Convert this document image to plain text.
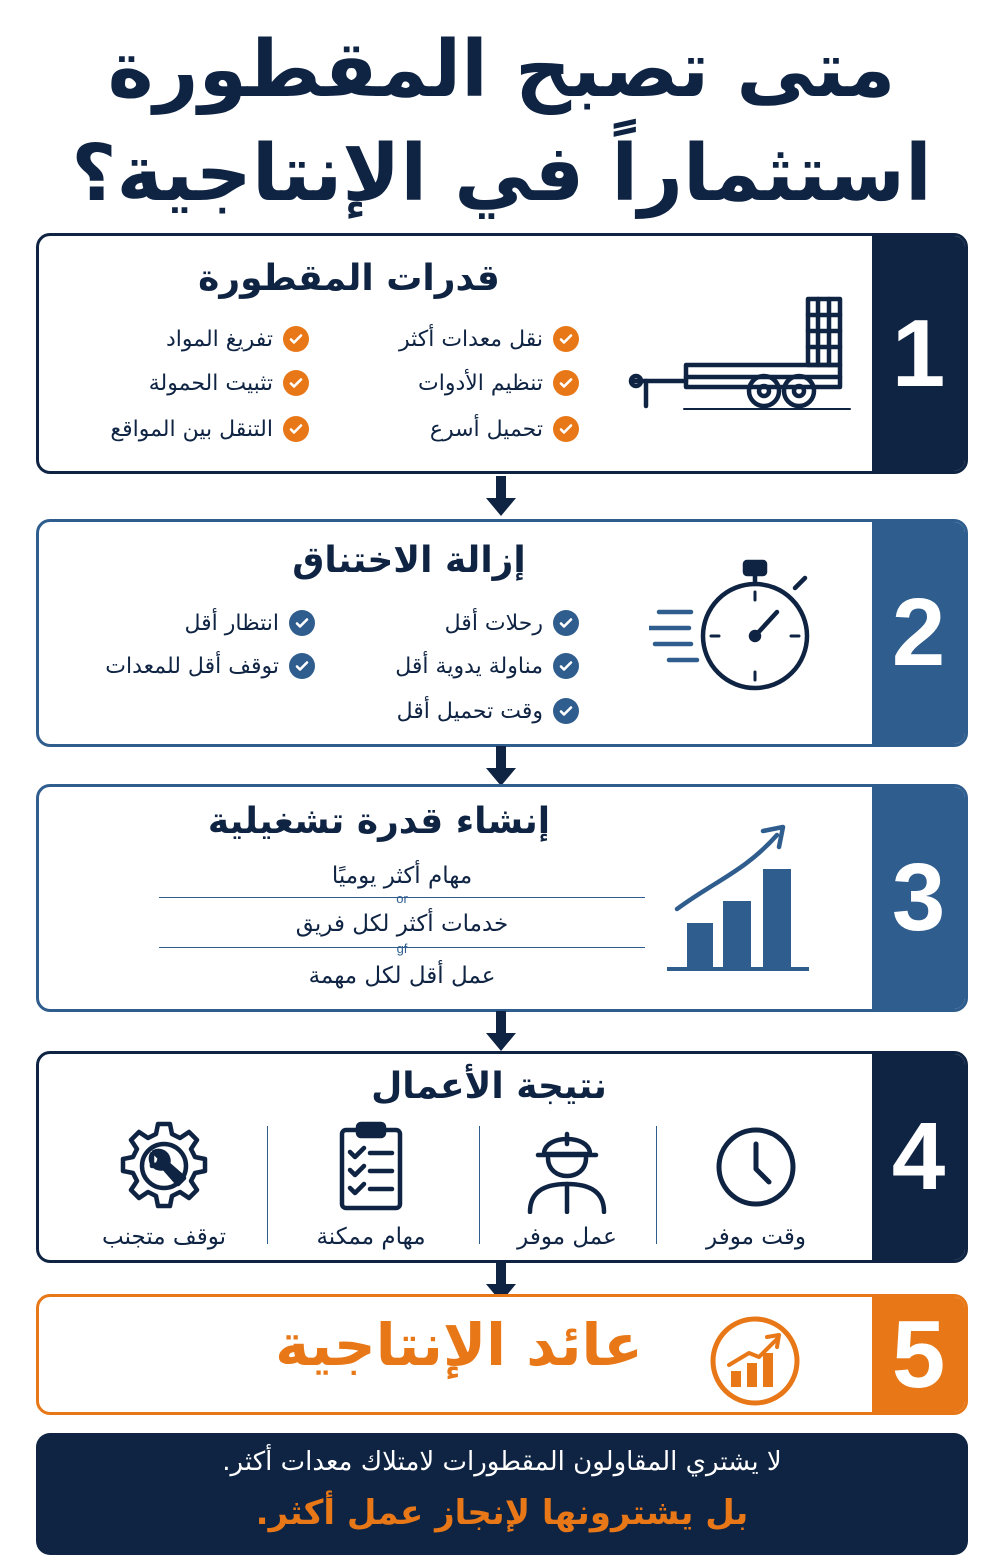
متى تصبح المقطورة
استثماراً في الإنتاجية؟
1
قدرات المقطورة
نقل معدات أكثر
تنظيم الأدوات
تحميل أسرع
تفريغ المواد
تثبيت الحمولة
التنقل بين المواقع
2
إزالة الاختناق
رحلات أقل
مناولة يدوية أقل
وقت تحميل أقل
انتظار أقل
توقف أقل للمعدات
3
إنشاء قدرة تشغيلية
مهام أكثر يوميًا
or
خدمات أكثر لكل فريق
gf
عمل أقل لكل مهمة
4
نتيجة الأعمال
وقت موفر
عمل موفر
مهام ممكنة
توقف متجنب
5
عائد الإنتاجية
لا يشتري المقاولون المقطورات لامتلاك معدات أكثر.
بل يشترونها لإنجاز عمل أكثر.
